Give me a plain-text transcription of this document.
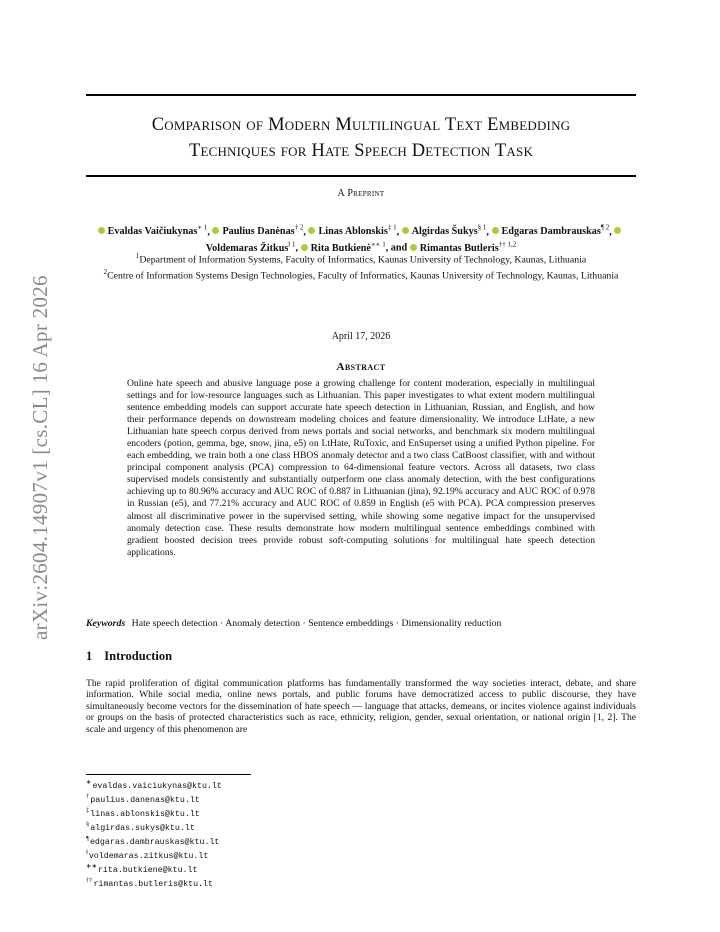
arXiv:2604.14907v1 [cs.CL] 16 Apr 2026
Comparison of Modern Multilingual Text Embedding
Techniques for Hate Speech Detection Task
A Preprint
Evaldas Vaičiukynas$^{∗ 1}$, Paulius Danėnas$^{\dagger 2}$, Linas Ablonskis$^{\ddagger 1}$, Algirdas Šukys$^{\S 1}$, Edgaras Dambrauskas$^{\P 2}$, Voldemaras Žitkus$^{‖ 1}$, Rita Butkienė$^{∗∗ 1}$, and Rimantas Butleris$^{\dagger\dagger 1,2}$
$^1$Department of Information Systems, Faculty of Informatics, Kaunas University of Technology, Kaunas, Lithuania
$^2$Centre of Information Systems Design Technologies, Faculty of Informatics, Kaunas University of Technology, Kaunas, Lithuania
April 17, 2026
Abstract
Online hate speech and abusive language pose a growing challenge for content moderation, especially in multilingual settings and for low-resource languages such as Lithuanian. This paper investigates to what extent modern multilingual sentence embedding models can support accurate hate speech detection in Lithuanian, Russian, and English, and how their performance depends on downstream modeling choices and feature dimensionality. We introduce LtHate, a new Lithuanian hate speech corpus derived from news portals and social networks, and benchmark six modern multilingual encoders (potion, gemma, bge, snow, jina, e5) on LtHate, RuToxic, and EnSuperset using a unified Python pipeline. For each embedding, we train both a one class HBOS anomaly detector and a two class CatBoost classifier, with and without principal component analysis (PCA) compression to 64-dimensional feature vectors. Across all datasets, two class supervised models consistently and substantially outperform one class anomaly detection, with the best configurations achieving up to 80.96% accuracy and AUC ROC of 0.887 in Lithuanian (jina), 92.19% accuracy and AUC ROC of 0.978 in Russian (e5), and 77.21% accuracy and AUC ROC of 0.859 in English (e5 with PCA). PCA compression preserves almost all discriminative power in the supervised setting, while showing some negative impact for the unsupervised anomaly detection case. These results demonstrate how modern multilingual sentence embeddings combined with gradient boosted decision trees provide robust soft-computing solutions for multilingual hate speech detection applications.
Keywords Hate speech detection · Anomaly detection · Sentence embeddings · Dimensionality reduction
1 Introduction
The rapid proliferation of digital communication platforms has fundamentally transformed the way societies interact, debate, and share information. While social media, online news portals, and public forums have democratized access to public discourse, they have simultaneously become vectors for the dissemination of hate speech — language that attacks, demeans, or incites violence against individuals or groups on the basis of protected characteristics such as race, ethnicity, religion, gender, sexual orientation, or national origin [1, 2]. The scale and urgency of this phenomenon are
∗evaldas.vaiciukynas@ktu.lt
†paulius.danenas@ktu.lt
‡linas.ablonskis@ktu.lt
§algirdas.sukys@ktu.lt
¶edgaras.dambrauskas@ktu.lt
‖voldemaras.zitkus@ktu.lt
∗∗rita.butkiene@ktu.lt
††rimantas.butleris@ktu.lt
